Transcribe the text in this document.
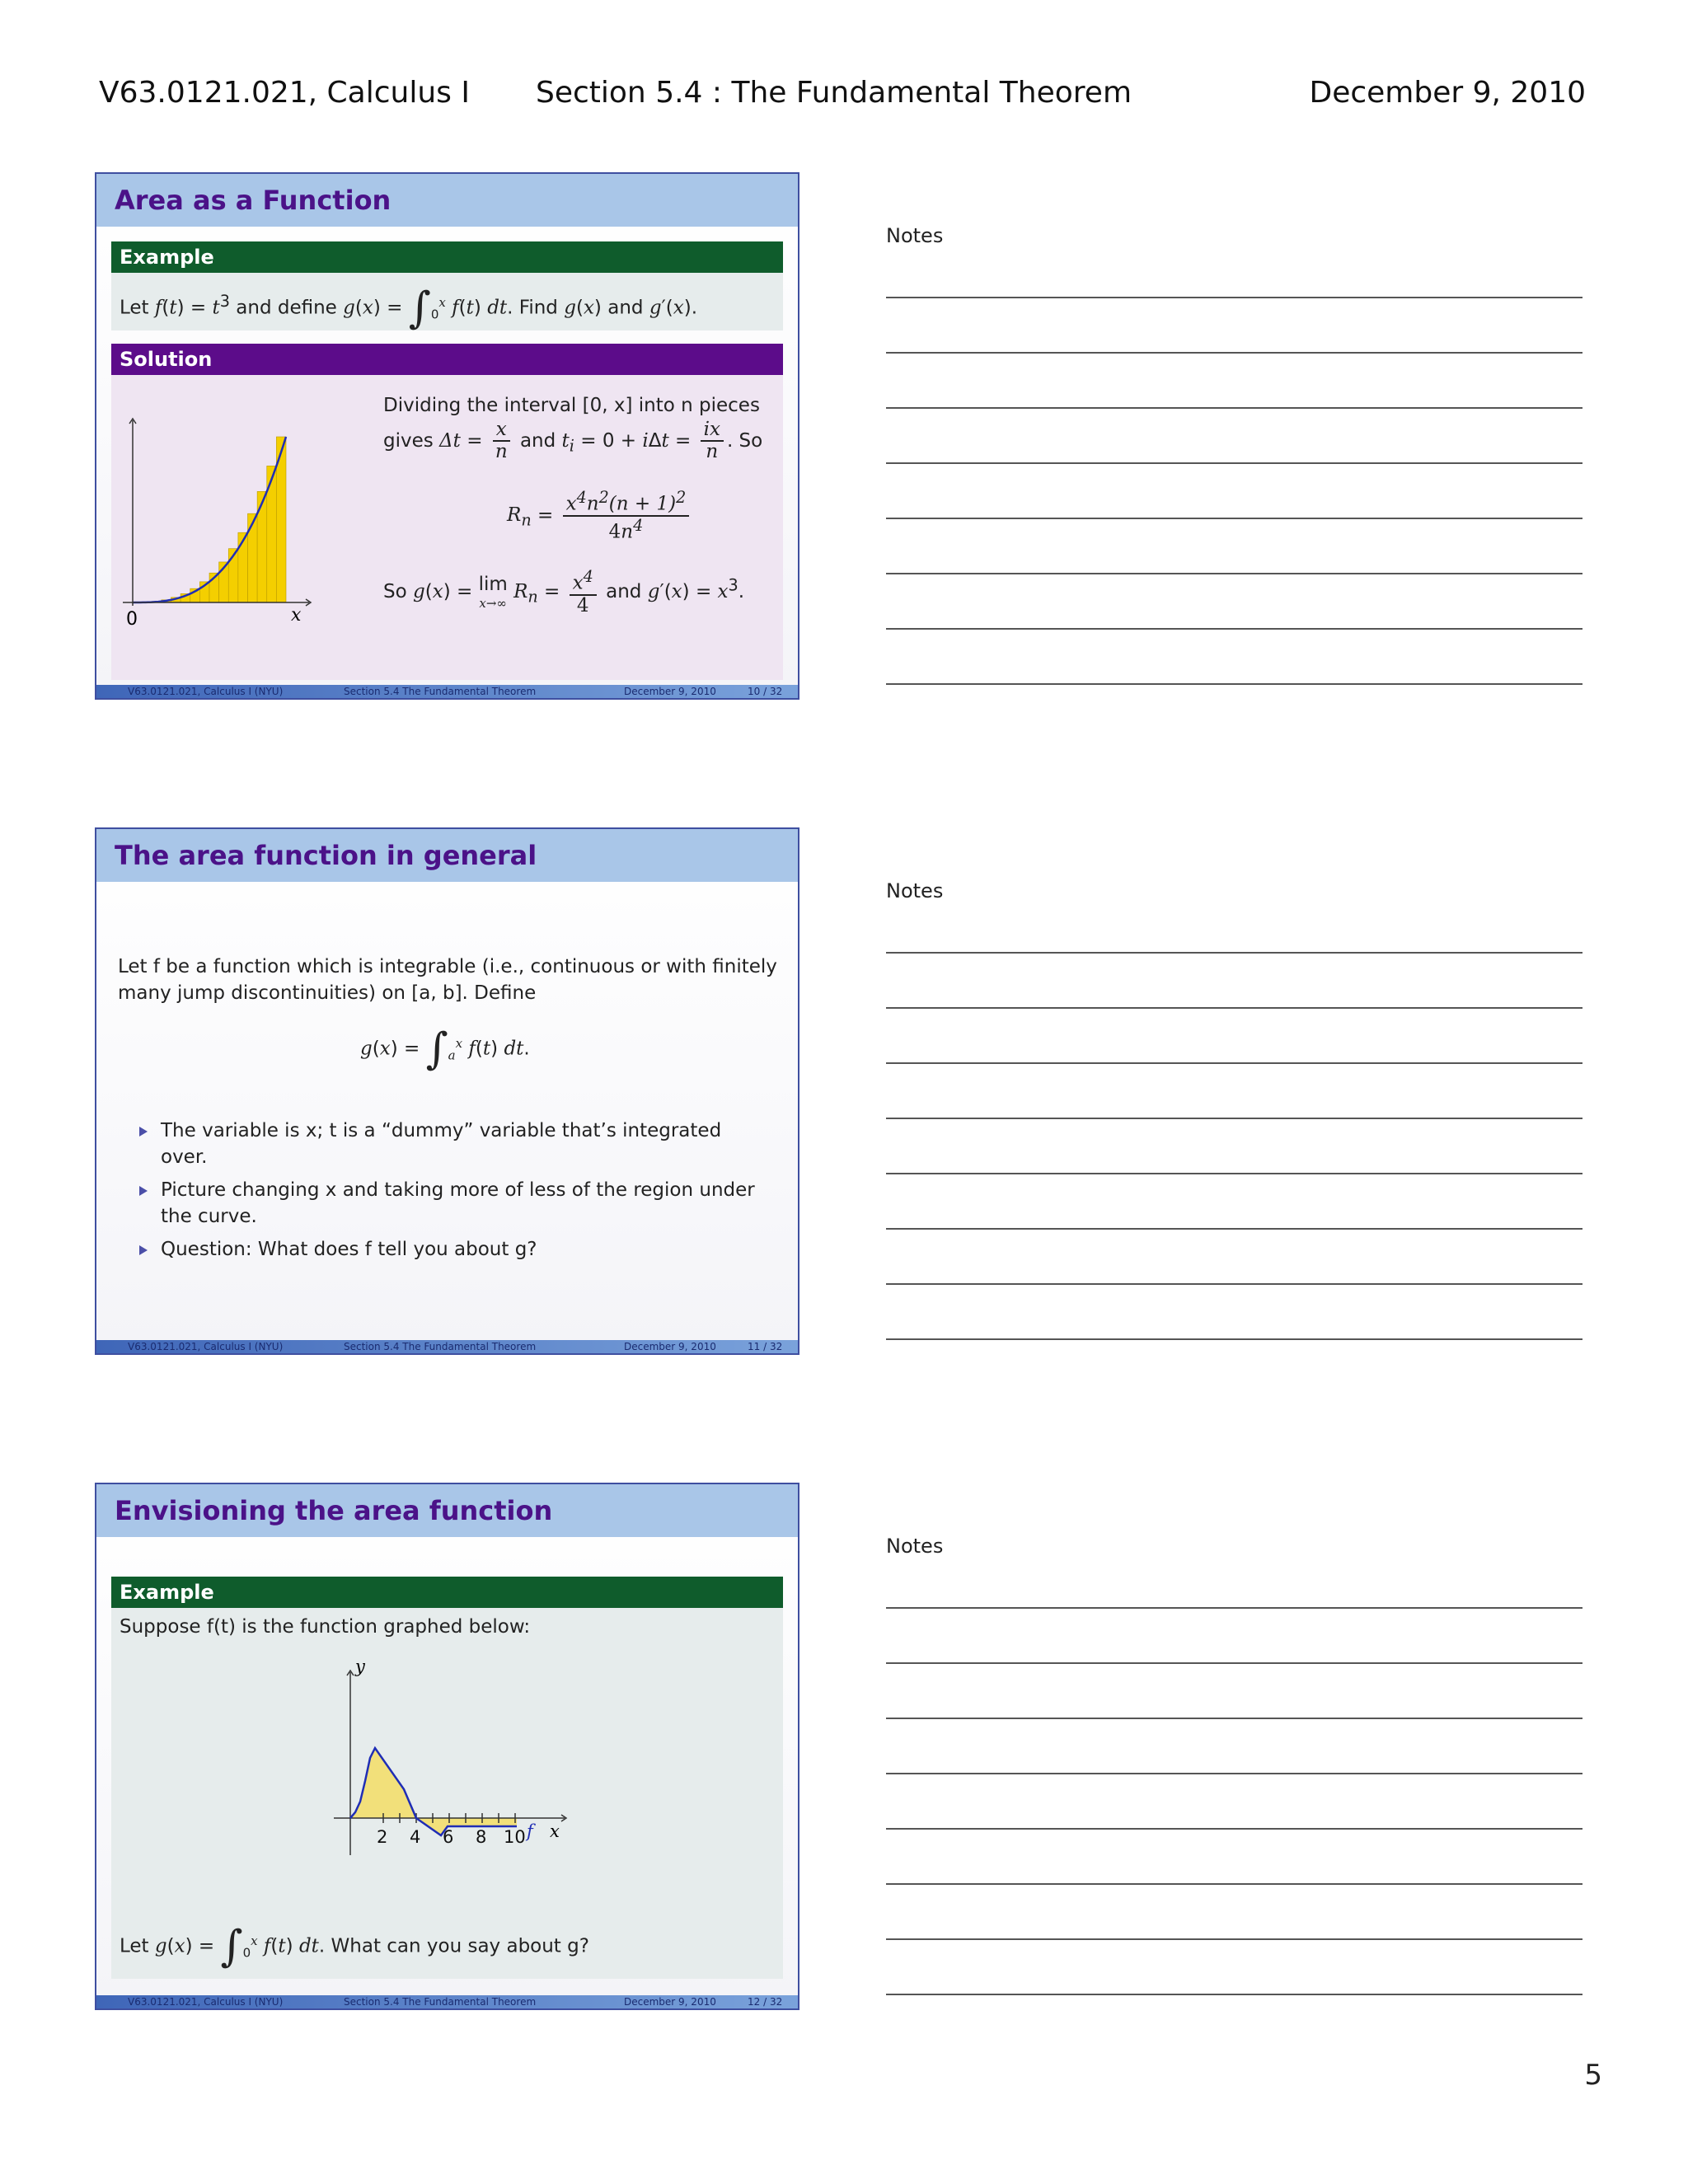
V63.0121.021, Calculus I Section 5.4 : The Fundamental Theorem	December 9, 2010
Area as a Function
Example
Let $f(t) = t^3$ and define $g(x) = \int_0^x$ f(t) dt. Find g(x) and g′(x).
Solution
0	x
Dividing the interval [0, x] into n pieces
gives $\Delta t = \frac{x}{n}$ and $t_i = 0 + i\Delta t = \frac{ix}{n}$ . So
$R_n = \frac{x^4n^2(n + 1)^2}{4n^4}$
So g(x) = lim
x→∞
$R_n = \frac{x^4}{4}$ and $g'(x) = x^3$.
V63.0121.021, Calculus I (NYU)	Section 5.4 The Fundamental Theorem	December 9, 2010	10 / 32
The area function in general
Let f be a function which is integrable (i.e., continuous or with finitely
many jump discontinuities) on [a, b]. Define
$g(x) = \int_a^x$ f(t) dt.
The variable is x; t is a “dummy” variable that’s integrated over.
Picture changing x and taking more of less of the region under the curve.
Question: What does f tell you about g?
V63.0121.021, Calculus I (NYU)	Section 5.4 The Fundamental Theorem	December 9, 2010	11 / 32
Envisioning the area function
Example
Suppose f(t) is the function graphed below:
2 4 6 8 10
y
x
f
Let $g(x) = \int_0^x$ f(t) dt. What can you say about g?
V63.0121.021, Calculus I (NYU)	Section 5.4 The Fundamental Theorem	December 9, 2010	12 / 32
Notes
Notes
Notes
5
